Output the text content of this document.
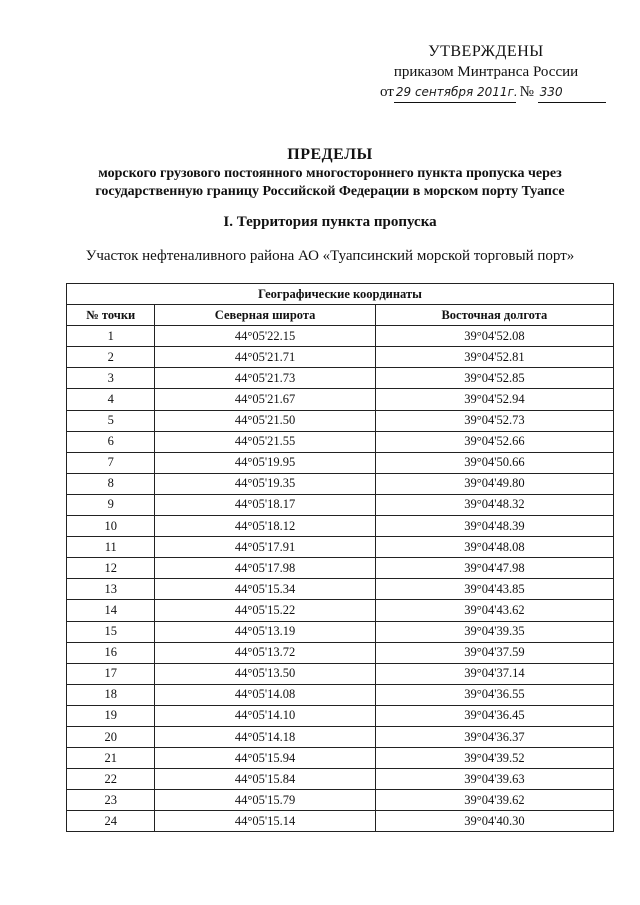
УТВЕРЖДЕНЫ
приказом Минтранса России
от 29 сентября 2011г. № 330
ПРЕДЕЛЫ
морского грузового постоянного многостороннего пункта пропуска через
государственную границу Российской Федерации в морском порту Туапсе
I. Территория пункта пропуска
Участок нефтеналивного района АО «Туапсинский морской торговый порт»
Географические координаты		
№ точки	Северная широта	Восточная долгота
1	44°05'22.15	39°04'52.08
2	44°05'21.71	39°04'52.81
3	44°05'21.73	39°04'52.85
4	44°05'21.67	39°04'52.94
5	44°05'21.50	39°04'52.73
6	44°05'21.55	39°04'52.66
7	44°05'19.95	39°04'50.66
8	44°05'19.35	39°04'49.80
9	44°05'18.17	39°04'48.32
10	44°05'18.12	39°04'48.39
11	44°05'17.91	39°04'48.08
12	44°05'17.98	39°04'47.98
13	44°05'15.34	39°04'43.85
14	44°05'15.22	39°04'43.62
15	44°05'13.19	39°04'39.35
16	44°05'13.72	39°04'37.59
17	44°05'13.50	39°04'37.14
18	44°05'14.08	39°04'36.55
19	44°05'14.10	39°04'36.45
20	44°05'14.18	39°04'36.37
21	44°05'15.94	39°04'39.52
22	44°05'15.84	39°04'39.63
23	44°05'15.79	39°04'39.62
24	44°05'15.14	39°04'40.30
